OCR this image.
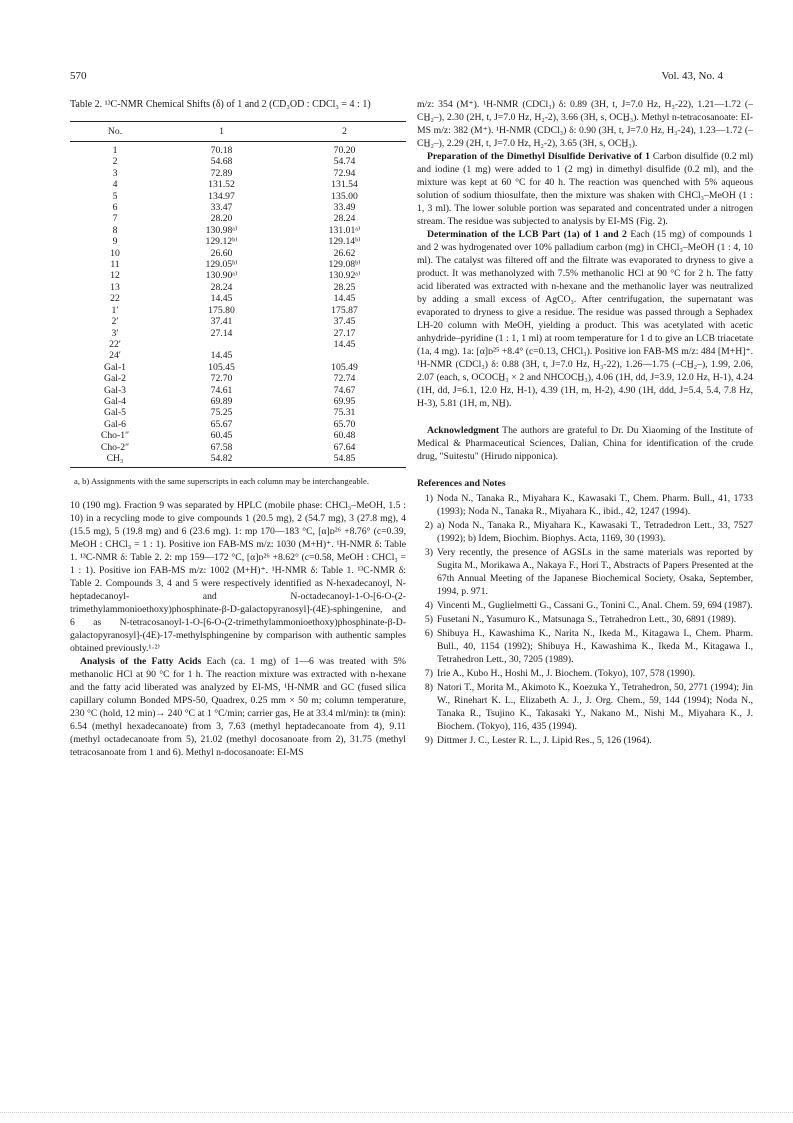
570	Vol. 43, No. 4
Table 2. ¹³C-NMR Chemical Shifts (δ) of 1 and 2 (CD₃OD : CDCl₃ = 4 : 1)
No.	1	2
1	70.18	70.20
2	54.68	54.74
3	72.89	72.94
4	131.52	131.54
5	134.97	135.00
6	33.47	33.49
7	28.20	28.24
8	130.98ᵃ⁾	131.01ᵃ⁾
9	129.12ᵇ⁾	129.14ᵇ⁾
10	26.60	26.62
11	129.05ᵇ⁾	129.08ᵇ⁾
12	130.90ᵃ⁾	130.92ᵃ⁾
13	28.24	28.25
22	14.45	14.45
1′	175.80	175.87
2′	37.41	37.45
3′	27.14	27.17
22′		14.45
24′	14.45	
Gal-1	105.45	105.49
Gal-2	72.70	72.74
Gal-3	74.61	74.67
Gal-4	69.89	69.95
Gal-5	75.25	75.31
Gal-6	65.67	65.70
Cho-1″	60.45	60.48
Cho-2″	67.58	67.64
CH₃	54.82	54.85
a, b) Assignments with the same superscripts in each column may be interchangeable.

10 (190 mg). Fraction 9 was separated by HPLC (mobile phase: CHCl₃–MeOH, 1.5 : 10) in a recycling mode to give compounds 1 (20.5 mg), 2 (54.7 mg), 3 (27.8 mg), 4 (15.5 mg), 5 (19.8 mg) and 6 (23.6 mg). 1: mp 170—183 °C, [α]ᴅ²⁶ +8.76° (c=0.39, MeOH : CHCl₃ = 1 : 1). Positive ion FAB-MS m/z: 1030 (M+H)⁺. ¹H-NMR δ: Table 1. ¹³C-NMR δ: Table 2. 2: mp 159—172 °C, [α]ᴅ²⁶ +8.62° (c=0.58, MeOH : CHCl₃ = 1 : 1). Positive ion FAB-MS m/z: 1002 (M+H)⁺. ¹H-NMR δ: Table 1. ¹³C-NMR δ: Table 2. Compounds 3, 4 and 5 were respectively identified as N-hexadecanoyl, N-heptadecanoyl- and N-octadecanoyl-1-O-[6-O-(2-trimethylammonioethoxy)phosphinate-β-D-galactopyranosyl]-(4E)-sphingenine, and 6 as N-tetracosanoyl-1-O-[6-O-(2-trimethylammonioethoxy)phosphinate-β-D-galactopyranosyl]-(4E)-17-methylsphingenine by comparison with authentic samples obtained previously.¹·²⁾

Analysis of the Fatty Acids Each (ca. 1 mg) of 1—6 was treated with 5% methanolic HCl at 90 °C for 1 h. The reaction mixture was extracted with n-hexane and the fatty acid liberated was analyzed by EI-MS, ¹H-NMR and GC (fused silica capillary column Bonded MPS-50, Quadrex, 0.25 mm × 50 m; column temperature, 230 °C (hold, 12 min)→ 240 °C at 1 °C/min; carrier gas, He at 33.4 ml/min): tʀ (min): 6.54 (methyl hexadecanoate) from 3, 7.63 (methyl heptadecanoate from 4), 9.11 (methyl octadecanoate from 5), 21.02 (methyl docosanoate from 2), 31.75 (methyl tetracosanoate from 1 and 6). Methyl n-docosanoate: EI-MS

m/z: 354 (M⁺). ¹H-NMR (CDCl₃) δ: 0.89 (3H, t, J=7.0 Hz, H₃-22), 1.21—1.72 (–CH̲₂–), 2.30 (2H, t, J=7.0 Hz, H₂-2), 3.66 (3H, s, OCH̲₃). Methyl n-tetracosanoate: EI-MS m/z: 382 (M⁺). ¹H-NMR (CDCl₃) δ: 0.90 (3H, t, J=7.0 Hz, H₃-24), 1.23—1.72 (–CH̲₂–), 2.29 (2H, t, J=7.0 Hz, H₂-2), 3.65 (3H, s, OCH̲₃).

Preparation of the Dimethyl Disulfide Derivative of 1 Carbon disulfide (0.2 ml) and iodine (1 mg) were added to 1 (2 mg) in dimethyl disulfide (0.2 ml), and the mixture was kept at 60 °C for 40 h. The reaction was quenched with 5% aqueous solution of sodium thiosulfate, then the mixture was shaken with CHCl₃–MeOH (1 : 1, 3 ml). The lower soluble portion was separated and concentrated under a nitrogen stream. The residue was subjected to analysis by EI-MS (Fig. 2).

Determination of the LCB Part (1a) of 1 and 2 Each (15 mg) of compounds 1 and 2 was hydrogenated over 10% palladium carbon (mg) in CHCl₃–MeOH (1 : 4, 10 ml). The catalyst was filtered off and the filtrate was evaporated to dryness to give a product. It was methanolyzed with 7.5% methanolic HCl at 90 °C for 2 h. The fatty acid liberated was extracted with n-hexane and the methanolic layer was neutralized by adding a small excess of AgCO₃. After centrifugation, the supernatant was evaporated to dryness to give a residue. The residue was passed through a Sephadex LH-20 column with MeOH, yielding a product. This was acetylated with acetic anhydride–pyridine (1 : 1, 1 ml) at room temperature for 1 d to give an LCB triacetate (1a, 4 mg). 1a: [α]ᴅ²⁵ +8.4° (c=0.13, CHCl₃). Positive ion FAB-MS m/z: 484 [M+H]⁺. ¹H-NMR (CDCl₃) δ: 0.88 (3H, t, J=7.0 Hz, H₃-22), 1.26—1.75 (–CH̲₂–), 1.99, 2.06, 2.07 (each, s, OCOCH̲₃ × 2 and NHCOCH̲₃), 4.06 (1H, dd, J=3.9, 12.0 Hz, H-1), 4.24 (1H, dd, J=6.1, 12.0 Hz, H-1), 4.39 (1H, m, H-2), 4.90 (1H, ddd, J=5.4, 5.4, 7.8 Hz, H-3), 5.81 (1H, m, NH̲).

Acknowledgment The authors are grateful to Dr. Du Xiaoming of the Institute of Medical & Pharmaceutical Sciences, Dalian, China for identification of the crude drug, "Suitestu" (Hirudo nipponica).

References and Notes
1) Noda N., Tanaka R., Miyahara K., Kawasaki T., Chem. Pharm. Bull., 41, 1733 (1993); Noda N., Tanaka R., Miyahara K., ibid., 42, 1247 (1994).
2) a) Noda N., Tanaka R., Miyahara K., Kawasaki T., Tetradedron Lett., 33, 7527 (1992); b) Idem, Biochim. Biophys. Acta, 1169, 30 (1993).
3) Very recently, the presence of AGSLs in the same materials was reported by Sugita M., Morikawa A., Nakaya F., Hori T., Abstracts of Papers Presented at the 67th Annual Meeting of the Japanese Biochemical Society, Osaka, September, 1994, p. 971.
4) Vincenti M., Guglielmetti G., Cassani G., Tonini C., Anal. Chem. 59, 694 (1987).
5) Fusetani N., Yasumuro K., Matsunaga S., Tetrahedron Lett., 30, 6891 (1989).
6) Shibuya H., Kawashima K., Narita N., Ikeda M., Kitagawa I., Chem. Pharm. Bull., 40, 1154 (1992); Shibuya H., Kawashima K., Ikeda M., Kitagawa I., Tetrahedron Lett., 30, 7205 (1989).
7) Irie A., Kubo H., Hoshi M., J. Biochem. (Tokyo), 107, 578 (1990).
8) Natori T., Morita M., Akimoto K., Koezuka Y., Tetrahedron, 50, 2771 (1994); Jin W., Rinehart K. L., Elizabeth A. J., J. Org. Chem., 59, 144 (1994); Noda N., Tanaka R., Tsujino K., Takasaki Y., Nakano M., Nishi M., Miyahara K., J. Biochem. (Tokyo), 116, 435 (1994).
9) Dittmer J. C., Lester R. L., J. Lipid Res., 5, 126 (1964).
